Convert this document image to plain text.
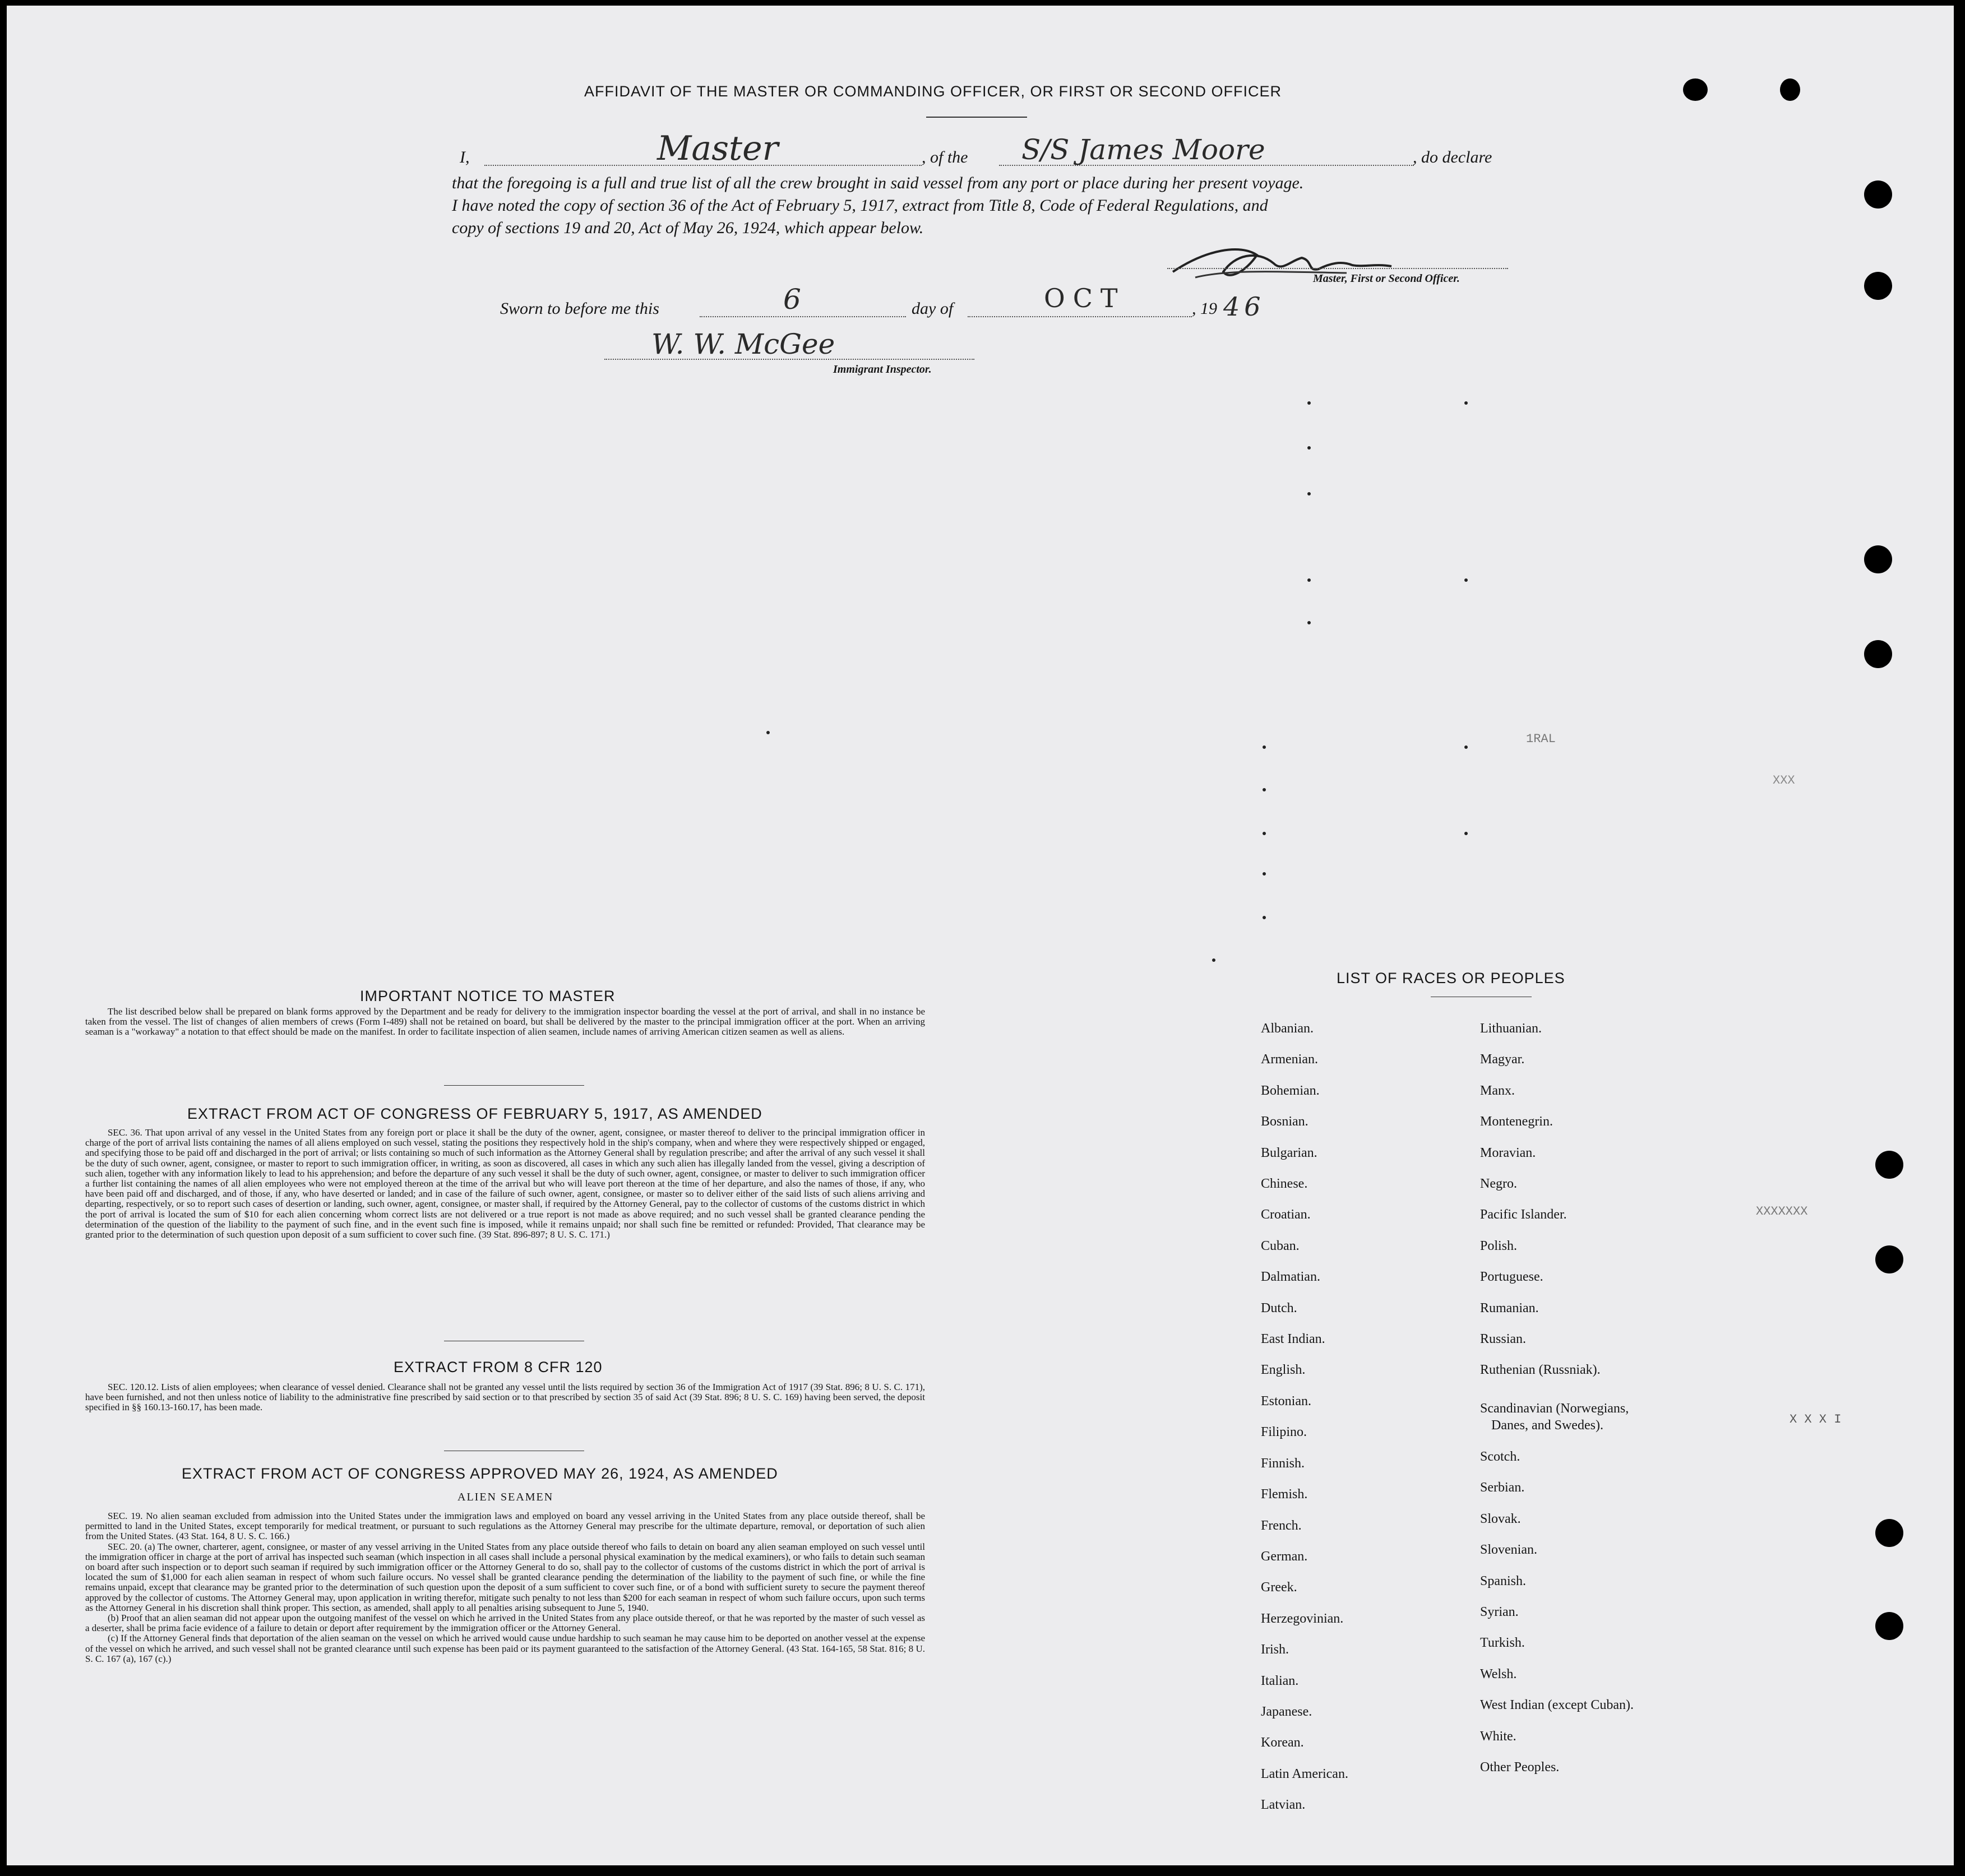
1RAL
XXX
XXXXXXX
X X X I
AFFIDAVIT OF THE MASTER OR COMMANDING OFFICER, OR FIRST OR SECOND OFFICER
I,	Master	, of the S/S James Moore	, do declare
that the foregoing is a full and true list of all the crew brought in said vessel from any port or place during her present voyage.
I have noted the copy of section 36 of the Act of February 5, 1917, extract from Title 8, Code of Federal Regulations, and
copy of sections 19 and 20, Act of May 26, 1924, which appear below.
Master, First or Second Officer.
Sworn to before me this	6	day of	OCT	, 19 46
W. W. McGee
Immigrant Inspector.
IMPORTANT NOTICE TO MASTER

The list described below shall be prepared on blank forms approved by the Department and be ready for delivery to the immigration inspector boarding the vessel at the port of arrival, and shall in no instance be taken from the vessel. The list of changes of alien members of crews (Form I-489) shall not be retained on board, but shall be delivered by the master to the principal immigration officer at the port. When an arriving seaman is a "workaway" a notation to that effect should be made on the manifest. In order to facilitate inspection of alien seamen, include names of arriving American citizen seamen as well as aliens.

EXTRACT FROM ACT OF CONGRESS OF FEBRUARY 5, 1917, AS AMENDED

SEC. 36. That upon arrival of any vessel in the United States from any foreign port or place it shall be the duty of the owner, agent, consignee, or master thereof to deliver to the principal immigration officer in charge of the port of arrival lists containing the names of all aliens employed on such vessel, stating the positions they respectively hold in the ship's company, when and where they were respectively shipped or engaged, and specifying those to be paid off and discharged in the port of arrival; or lists containing so much of such information as the Attorney General shall by regulation prescribe; and after the arrival of any such vessel it shall be the duty of such owner, agent, consignee, or master to report to such immigration officer, in writing, as soon as discovered, all cases in which any such alien has illegally landed from the vessel, giving a description of such alien, together with any information likely to lead to his apprehension; and before the departure of any such vessel it shall be the duty of such owner, agent, consignee, or master to deliver to such immigration officer a further list containing the names of all alien employees who were not employed thereon at the time of the arrival but who will leave port thereon at the time of her departure, and also the names of those, if any, who have been paid off and discharged, and of those, if any, who have deserted or landed; and in case of the failure of such owner, agent, consignee, or master so to deliver either of the said lists of such aliens arriving and departing, respectively, or so to report such cases of desertion or landing, such owner, agent, consignee, or master shall, if required by the Attorney General, pay to the collector of customs of the customs district in which the port of arrival is located the sum of $10 for each alien concerning whom correct lists are not delivered or a true report is not made as above required; and no such vessel shall be granted clearance pending the determination of the question of the liability to the payment of such fine, and in the event such fine is imposed, while it remains unpaid; nor shall such fine be remitted or refunded: Provided, That clearance may be granted prior to the determination of such question upon deposit of a sum sufficient to cover such fine. (39 Stat. 896-897; 8 U. S. C. 171.)

EXTRACT FROM 8 CFR 120

SEC. 120.12. Lists of alien employees; when clearance of vessel denied. Clearance shall not be granted any vessel until the lists required by section 36 of the Immigration Act of 1917 (39 Stat. 896; 8 U. S. C. 171), have been furnished, and not then unless notice of liability to the administrative fine prescribed by said section or to that prescribed by section 35 of said Act (39 Stat. 896; 8 U. S. C. 169) having been served, the deposit specified in §§ 160.13-160.17, has been made.

EXTRACT FROM ACT OF CONGRESS APPROVED MAY 26, 1924, AS AMENDED
ALIEN SEAMEN

SEC. 19. No alien seaman excluded from admission into the United States under the immigration laws and employed on board any vessel arriving in the United States from any place outside thereof, shall be permitted to land in the United States, except temporarily for medical treatment, or pursuant to such regulations as the Attorney General may prescribe for the ultimate departure, removal, or deportation of such alien from the United States. (43 Stat. 164, 8 U. S. C. 166.)

SEC. 20. (a) The owner, charterer, agent, consignee, or master of any vessel arriving in the United States from any place outside thereof who fails to detain on board any alien seaman employed on such vessel until the immigration officer in charge at the port of arrival has inspected such seaman (which inspection in all cases shall include a personal physical examination by the medical examiners), or who fails to detain such seaman on board after such inspection or to deport such seaman if required by such immigration officer or the Attorney General to do so, shall pay to the collector of customs of the customs district in which the port of arrival is located the sum of $1,000 for each alien seaman in respect of whom such failure occurs. No vessel shall be granted clearance pending the determination of the liability to the payment of such fine, or while the fine remains unpaid, except that clearance may be granted prior to the determination of such question upon the deposit of a sum sufficient to cover such fine, or of a bond with sufficient surety to secure the payment thereof approved by the collector of customs. The Attorney General may, upon application in writing therefor, mitigate such penalty to not less than $200 for each seaman in respect of whom such failure occurs, upon such terms as the Attorney General in his discretion shall think proper. This section, as amended, shall apply to all penalties arising subsequent to June 5, 1940.

(b) Proof that an alien seaman did not appear upon the outgoing manifest of the vessel on which he arrived in the United States from any place outside thereof, or that he was reported by the master of such vessel as a deserter, shall be prima facie evidence of a failure to detain or deport after requirement by the immigration officer or the Attorney General.

(c) If the Attorney General finds that deportation of the alien seaman on the vessel on which he arrived would cause undue hardship to such seaman he may cause him to be deported on another vessel at the expense of the vessel on which he arrived, and such vessel shall not be granted clearance until such expense has been paid or its payment guaranteed to the satisfaction of the Attorney General. (43 Stat. 164-165, 58 Stat. 816; 8 U. S. C. 167 (a), 167 (c).)

LIST OF RACES OR PEOPLES
Albanian.
Armenian.
Bohemian.
Bosnian.
Bulgarian.
Chinese.
Croatian.
Cuban.
Dalmatian.
Dutch.
East Indian.
English.
Estonian.
Filipino.
Finnish.
Flemish.
French.
German.
Greek.
Herzegovinian.
Irish.
Italian.
Japanese.
Korean.
Latin American.
Latvian.
Lithuanian.
Magyar.
Manx.
Montenegrin.
Moravian.
Negro.
Pacific Islander.
Polish.
Portuguese.
Rumanian.
Russian.
Ruthenian (Russniak).
Scandinavian (Norwegians,
Danes, and Swedes).
Scotch.
Serbian.
Slovak.
Slovenian.
Spanish.
Syrian.
Turkish.
Welsh.
West Indian (except Cuban).
White.
Other Peoples.
